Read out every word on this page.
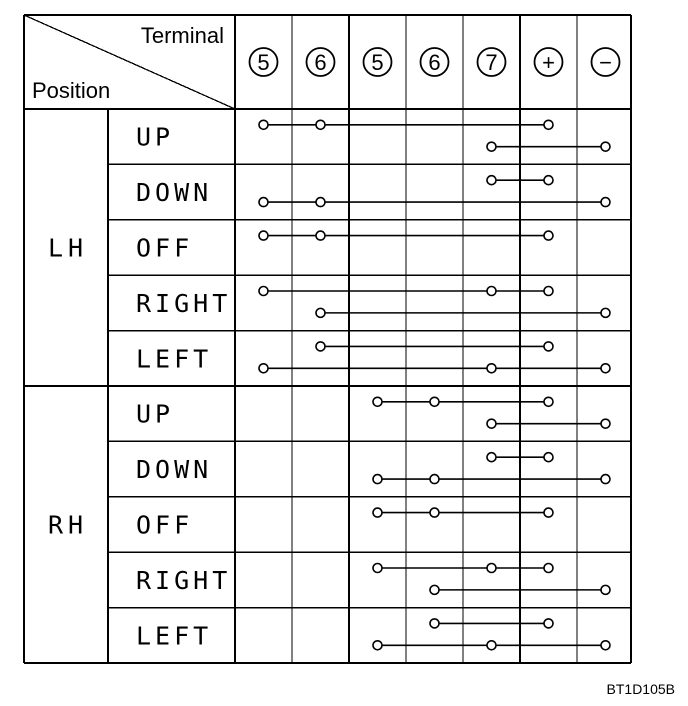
Terminal
Position
5 6 5 6 7 + −
LH
RH
UP
DOWN
OFF
RIGHT
LEFT
UP
DOWN
OFF
RIGHT
LEFT
BT1D105B
